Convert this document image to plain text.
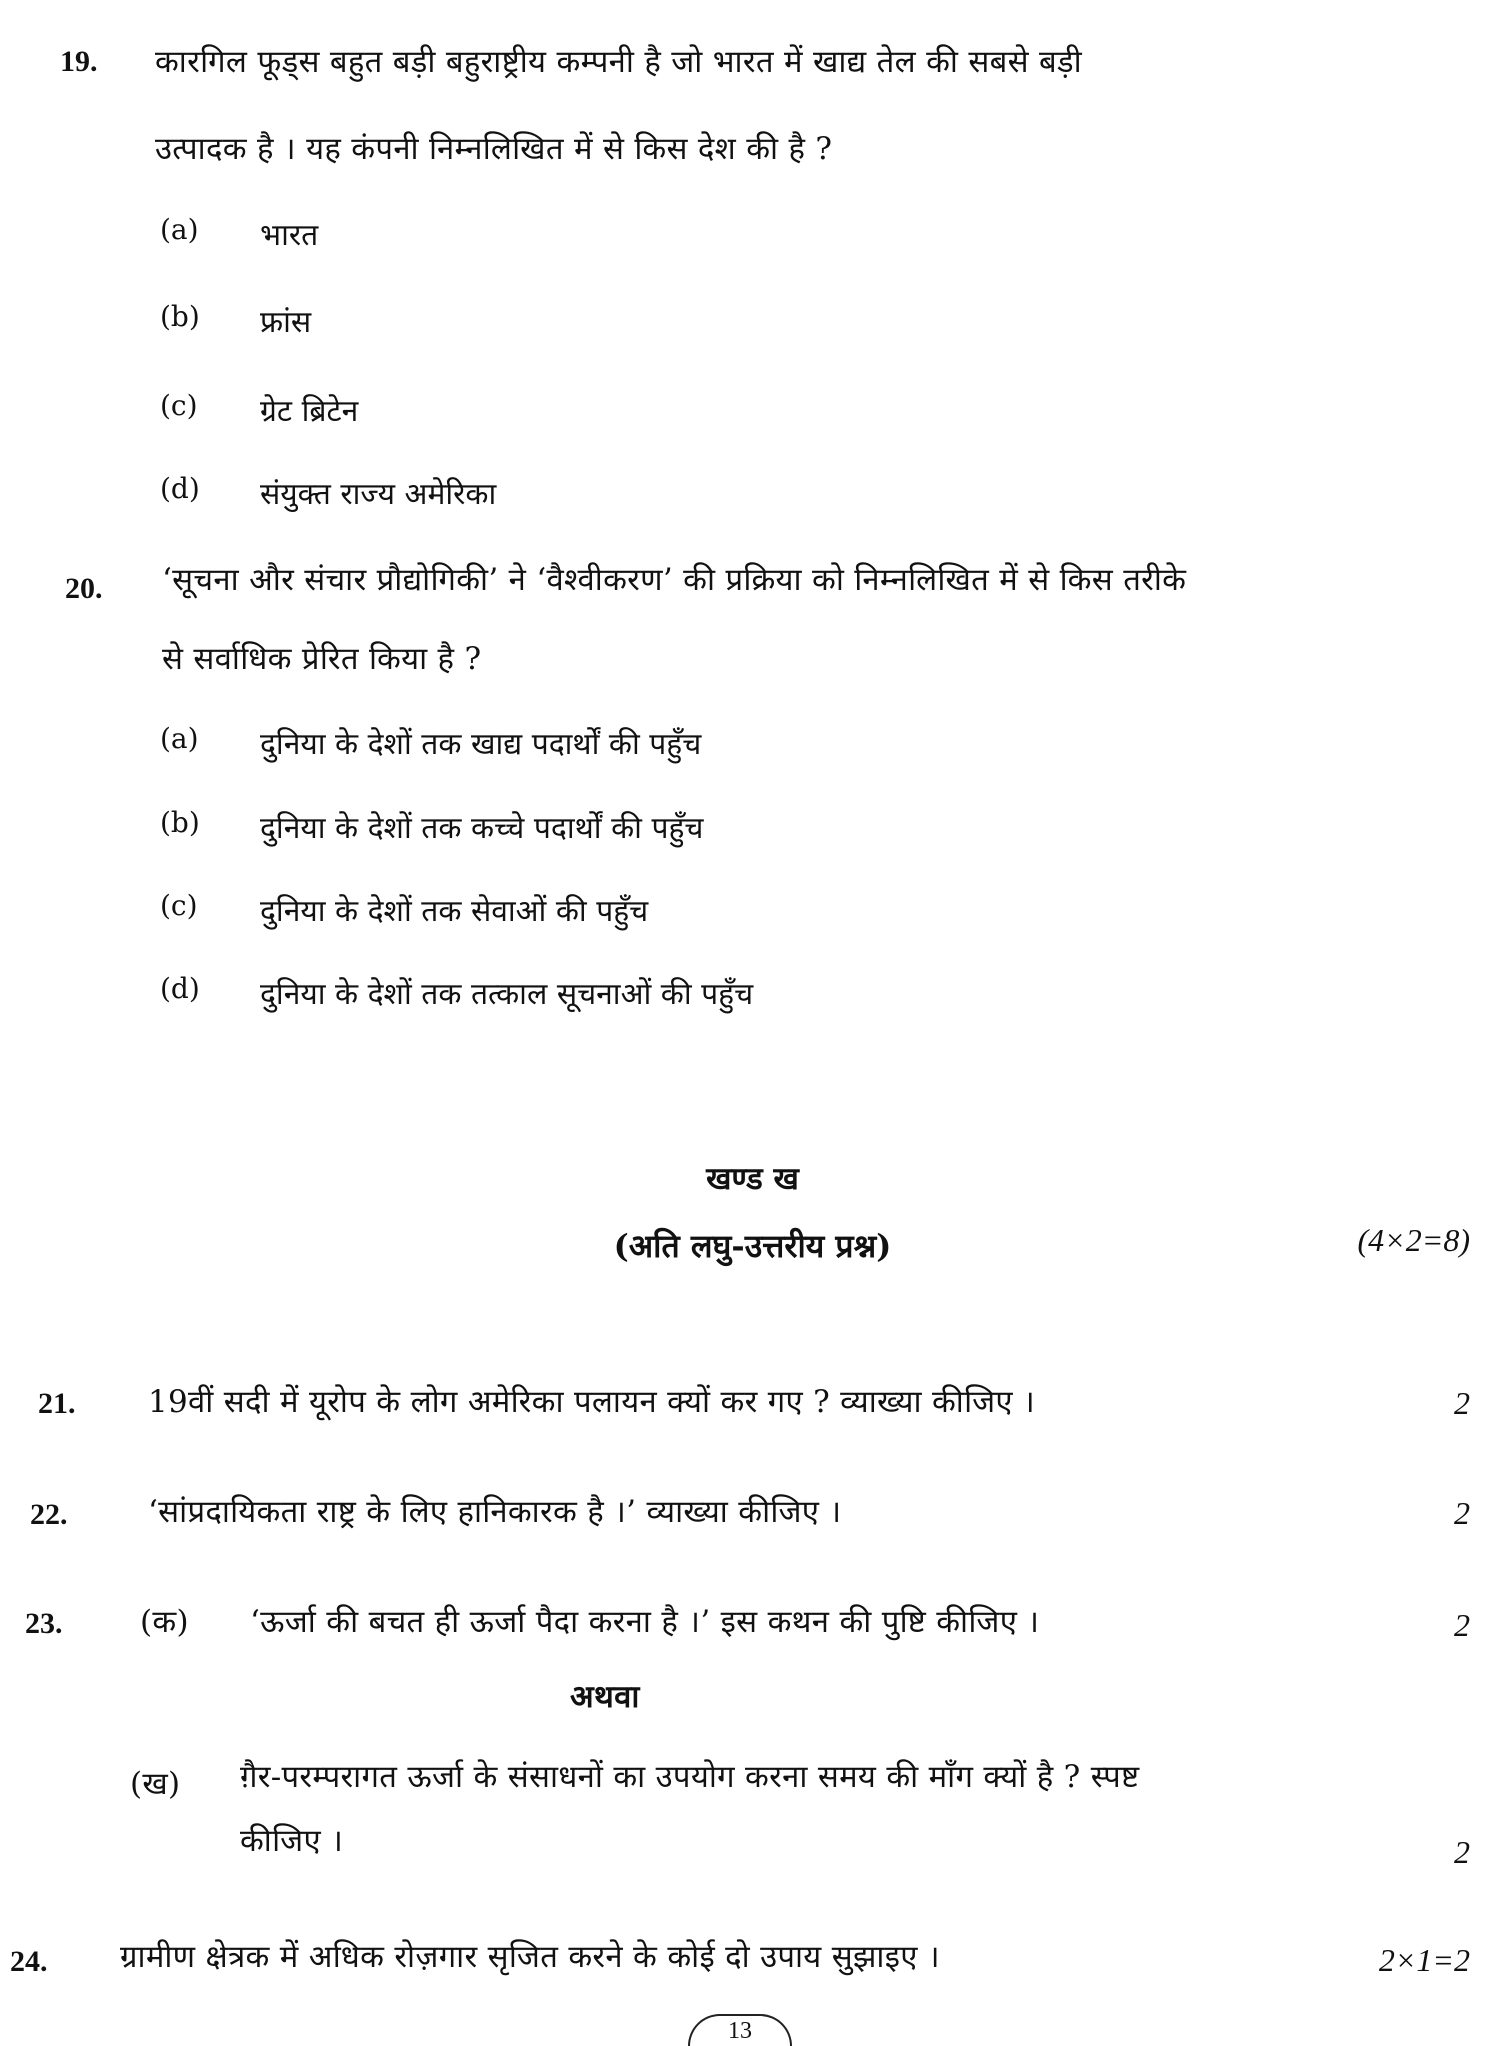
19. कारगिल फूड्स बहुत बड़ी बहुराष्ट्रीय कम्पनी है जो भारत में खाद्य तेल की सबसे बड़ी
उत्पादक है । यह कंपनी निम्नलिखित में से किस देश की है ?
(a) भारत
(b) फ्रांस
(c) ग्रेट ब्रिटेन
(d) संयुक्त राज्य अमेरिका
20. ‘सूचना और संचार प्रौद्योगिकी’ ने ‘वैश्वीकरण’ की प्रक्रिया को निम्नलिखित में से किस तरीके
से सर्वाधिक प्रेरित किया है ?
(a) दुनिया के देशों तक खाद्य पदार्थों की पहुँच
(b) दुनिया के देशों तक कच्चे पदार्थों की पहुँच
(c) दुनिया के देशों तक सेवाओं की पहुँच
(d) दुनिया के देशों तक तत्काल सूचनाओं की पहुँच
खण्ड ख
(अति लघु-उत्तरीय प्रश्न)	(4×2=8)
21. 19वीं सदी में यूरोप के लोग अमेरिका पलायन क्यों कर गए ? व्याख्या कीजिए ।	2
22.	‘सांप्रदायिकता राष्ट्र के लिए हानिकारक है ।’ व्याख्या कीजिए ।	2
23.	(क) ‘ऊर्जा की बचत ही ऊर्जा पैदा करना है ।’ इस कथन की पुष्टि कीजिए ।	2
अथवा
(ख) ग़ैर-परम्परागत ऊर्जा के संसाधनों का उपयोग करना समय की माँग क्यों है ? स्पष्ट
कीजिए ।	2
24. ग्रामीण क्षेत्रक में अधिक रोज़गार सृजित करने के कोई दो उपाय सुझाइए ।	2×1=2
13
